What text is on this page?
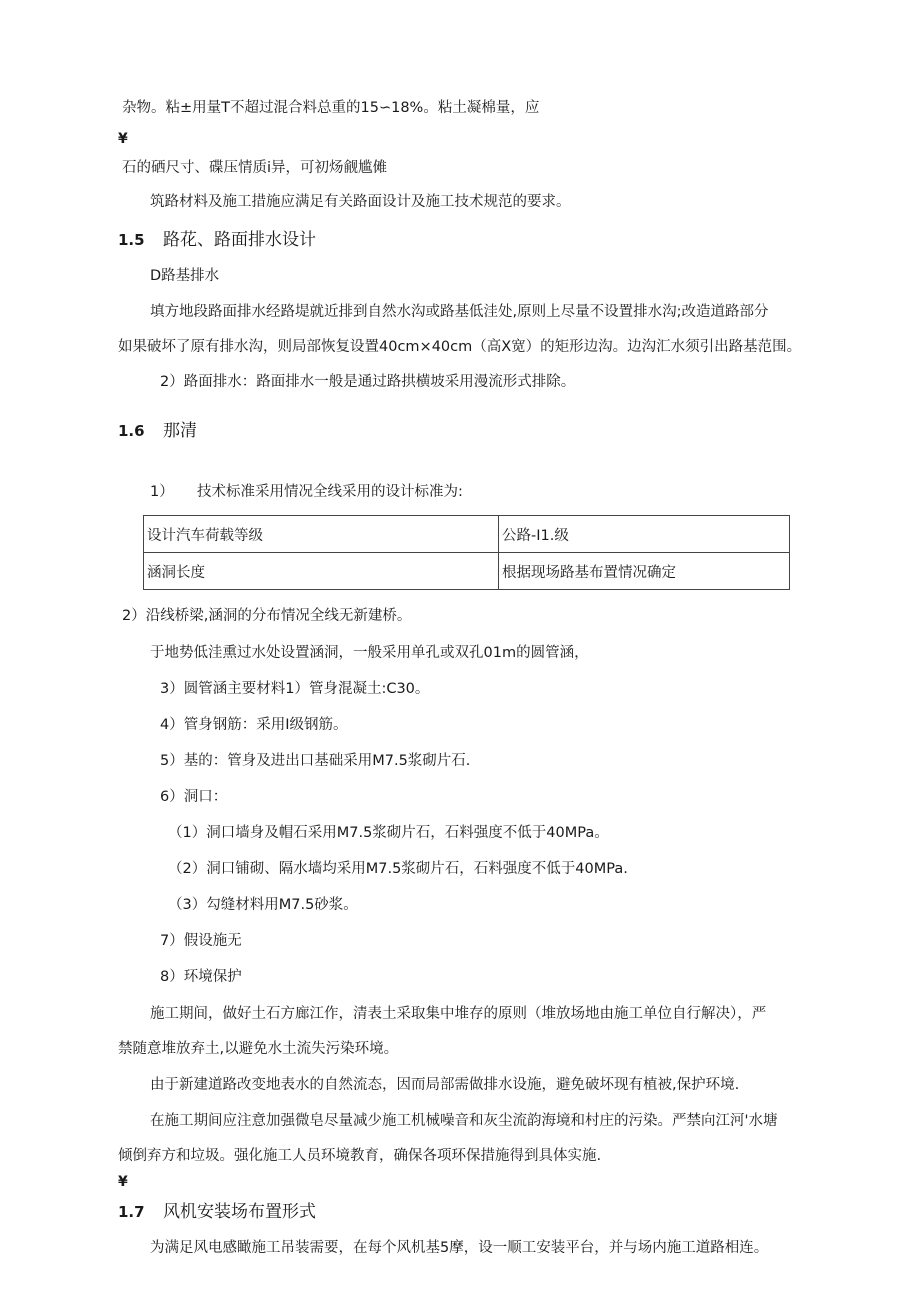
杂物。粘±用量T不超过混合料总重的15∽18%。粘土凝棉量，应
¥
石的硒尺寸、碟压情质i异，可初炀觎尴傩
筑路材料及施工措施应满足有关路面设计及施工技术规范的要求。
1.5 路花、路面排水设计
D路基排水
填方地段路面排水经路堤就近排到自然水沟或路基低洼处,原则上尽量不设置排水沟;改造道路部分
如果破坏了原有排水沟，则局部恢复设置40cm×40cm（高X宽）的矩形边沟。边沟汇水须引出路基范围。
2）路面排水：路面排水一般是通过路拱横坡采用漫流形式排除。
1.6 那清
1） 技术标准采用情况全线采用的设计标准为:
设计汽车荷载等级	公路-I1.级
涵洞长度	根据现场路基布置情况确定
2）沿线桥梁,涵洞的分布情况全线无新建桥。
于地势低洼熏过水处设置涵洞，一般采用单孔或双孔01m的圆管涵，
3）圆管涵主要材料1）管身混凝土:C30。
4）管身钢筋：采用Ι级钢筋。
5）基的：管身及进出口基础采用M7.5浆砌片石.
6）洞口：
（1）洞口墙身及帽石采用M7.5浆砌片石，石料强度不低于40MPa。
（2）洞口铺砌、隔水墙均采用M7.5浆砌片石，石料强度不低于40MPa.
（3）勾缝材料用M7.5砂浆。
7）假设施无
8）环境保护
施工期间，做好土石方廊江作，清表土采取集中堆存的原则（堆放场地由施工单位自行解决），严
禁随意堆放弃土,以避免水土流失污染环境。
由于新建道路改变地表水的自然流态，因而局部需做排水设施，避免破坏现有植被,保护环境.
在施工期间应注意加强微皂尽量减少施工机械噪音和灰尘流韵海境和村庄的污染。严禁向江河'水塘
倾倒弃方和垃圾。强化施工人员环境教育，确保各项环保措施得到具体实施.
¥
1.7 风机安装场布置形式
为满足风电感瞰施工吊装需要，在每个风机基5摩，设一顺工安装平台，并与场内施工道路相连。
